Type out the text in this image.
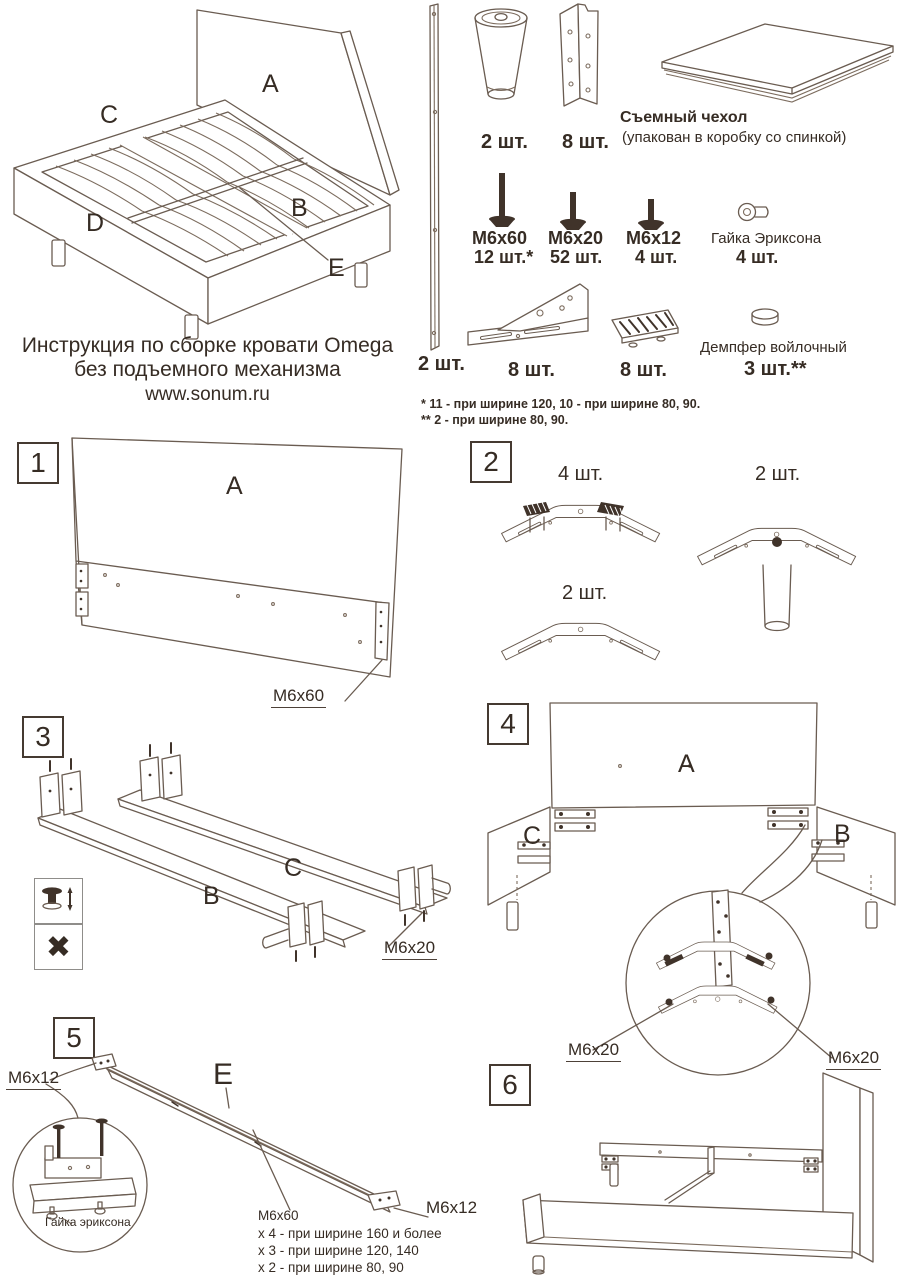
A
C
B
D
E
Инструкция по сборке кровати Omega
без подъемного механизма
www.sonum.ru
2 шт.
2 шт. 8 шт.
Съемный чехол
(упакован в коробку со спинкой)
М6х60
12 шт.*
М6х20
52 шт.
М6х12
4 шт.
Гайка Эриксона
4 шт.
8 шт.	8 шт.
Демпфер войлочный
3 шт.**
* 11 - при ширине 120, 10 - при ширине 80, 90.
** 2 - при ширине 80, 90.
1
A
M6x60
2	4 шт.	2 шт.
2 шт.
3
B
C
M6x20
✖
4
A
C	B
M6x20	M6x20
5
E
M6x12
M6x12
Гайка эриксона	М6х60
х 4 - при ширине 160 и более
х 3 - при ширине 120, 140
х 2 - при ширине 80, 90
6
